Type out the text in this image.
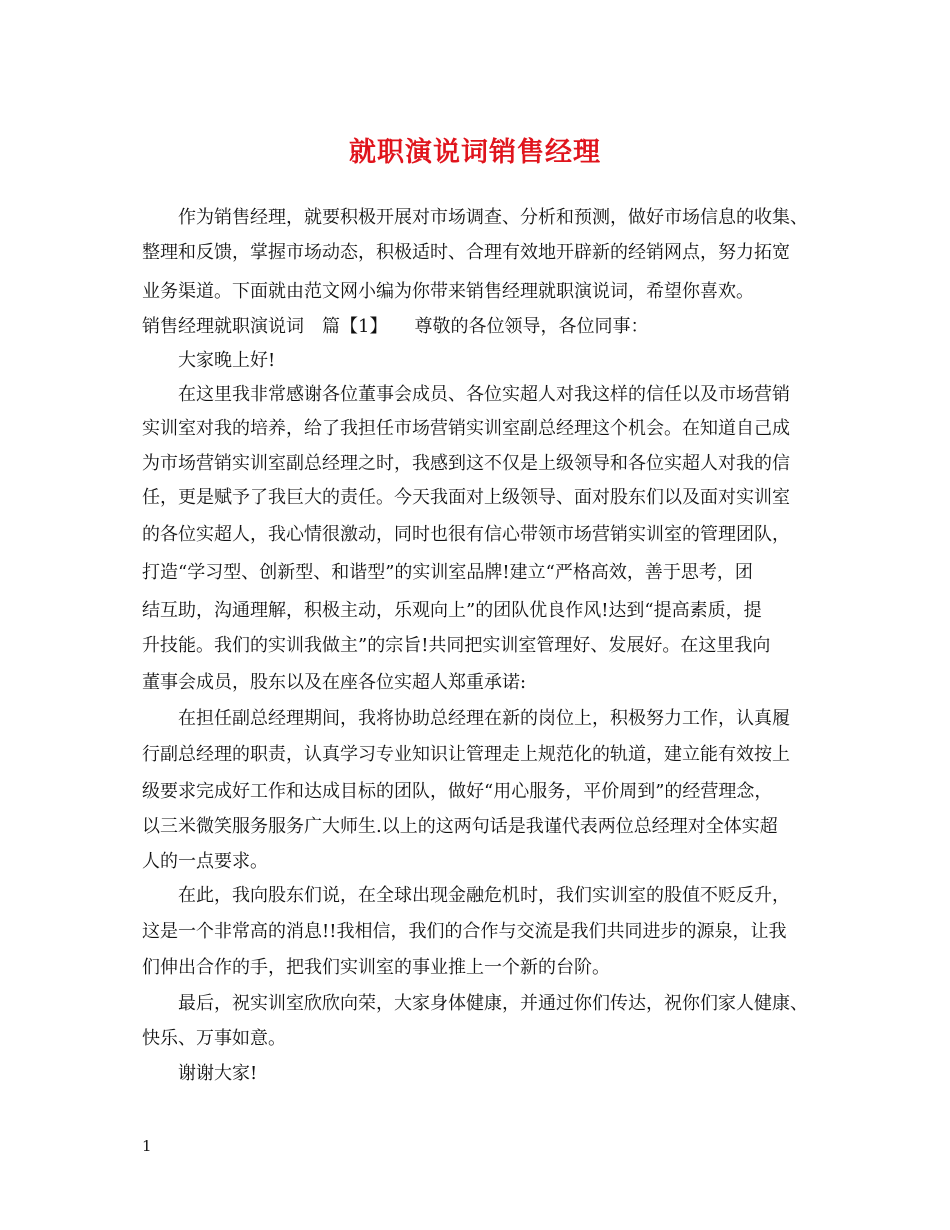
就职演说词销售经理
作为销售经理，就要积极开展对市场调查、分析和预测，做好市场信息的收集、
整理和反馈，掌握市场动态，积极适时、合理有效地开辟新的经销网点，努力拓宽
业务渠道。下面就由范文网小编为你带来销售经理就职演说词，希望你喜欢。
销售经理就职演说词　篇【1】　　尊敬的各位领导，各位同事：
大家晚上好!
在这里我非常感谢各位董事会成员、各位实超人对我这样的信任以及市场营销
实训室对我的培养，给了我担任市场营销实训室副总经理这个机会。在知道自己成
为市场营销实训室副总经理之时，我感到这不仅是上级领导和各位实超人对我的信
任，更是赋予了我巨大的责任。今天我面对上级领导、面对股东们以及面对实训室
的各位实超人，我心情很激动，同时也很有信心带领市场营销实训室的管理团队，
打造“学习型、创新型、和谐型”的实训室品牌!建立“严格高效，善于思考，团
结互助，沟通理解，积极主动，乐观向上”的团队优良作风!达到“提高素质，提
升技能。我们的实训我做主”的宗旨!共同把实训室管理好、发展好。在这里我向
董事会成员，股东以及在座各位实超人郑重承诺:
在担任副总经理期间，我将协助总经理在新的岗位上，积极努力工作，认真履
行副总经理的职责，认真学习专业知识让管理走上规范化的轨道，建立能有效按上
级要求完成好工作和达成目标的团队，做好“用心服务，平价周到”的经营理念，
以三米微笑服务服务广大师生.以上的这两句话是我谨代表两位总经理对全体实超
人的一点要求。
在此，我向股东们说，在全球出现金融危机时，我们实训室的股值不贬反升，
这是一个非常高的消息!!我相信，我们的合作与交流是我们共同进步的源泉，让我
们伸出合作的手，把我们实训室的事业推上一个新的台阶。
最后，祝实训室欣欣向荣，大家身体健康，并通过你们传达，祝你们家人健康、
快乐、万事如意。
谢谢大家!
1
